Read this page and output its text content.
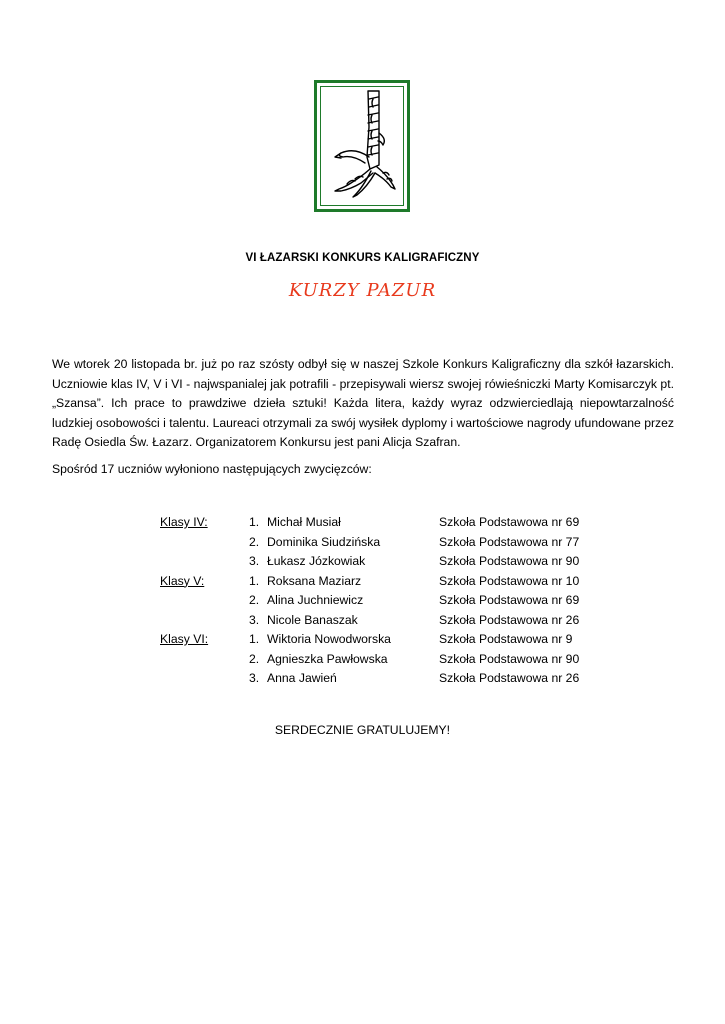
VI ŁAZARSKI KONKURS KALIGRAFICZNY
KURZY PAZUR

We wtorek 20 listopada br. już po raz szósty odbył się w naszej Szkole Konkurs Kaligraficzny dla szkół łazarskich. Uczniowie klas IV, V i VI - najwspanialej jak potrafili - przepisywali wiersz swojej rówieśniczki Marty Komisarczyk pt. „Szansa”. Ich prace to prawdziwe dzieła sztuki! Każda litera, każdy wyraz odzwierciedlają niepowtarzalność ludzkiej osobowości i talentu. Laureaci otrzymali za swój wysiłek dyplomy i wartościowe nagrody ufundowane przez Radę Osiedla Św. Łazarz. Organizatorem Konkursu jest pani Alicja Szafran.

Spośród 17 uczniów wyłoniono następujących zwycięzców:

Klasy IV:	1. Michał Musiał	Szkoła Podstawowa nr 69
2. Dominika Siudzińska	Szkoła Podstawowa nr 77
3. Łukasz Józkowiak	Szkoła Podstawowa nr 90
Klasy V:	1. Roksana Maziarz	Szkoła Podstawowa nr 10
2. Alina Juchniewicz	Szkoła Podstawowa nr 69
3. Nicole Banaszak	Szkoła Podstawowa nr 26
Klasy VI:	1. Wiktoria Nowodworska	Szkoła Podstawowa nr 9
2. Agnieszka Pawłowska	Szkoła Podstawowa nr 90
3. Anna Jawień	Szkoła Podstawowa nr 26
SERDECZNIE GRATULUJEMY!
